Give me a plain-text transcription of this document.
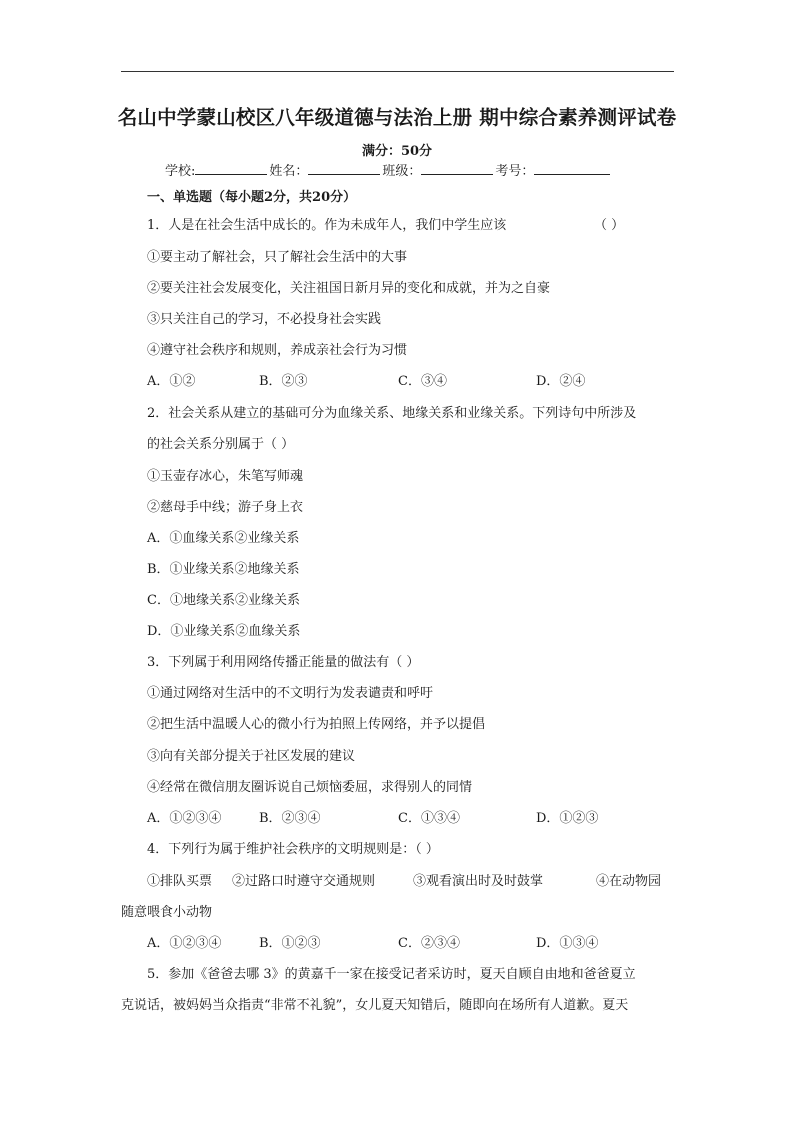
名山中学蒙山校区八年级道德与法治上册 期中综合素养测评试卷
满分：50分
学校:	姓名：	班级：	考号：
一、单选题（每小题2分，共20分）
1．人是在社会生活中成长的。作为未成年人，我们中学生应该	（ ）
①要主动了解社会，只了解社会生活中的大事
②要关注社会发展变化，关注祖国日新月异的变化和成就，并为之自豪
③只关注自己的学习，不必投身社会实践
④遵守社会秩序和规则，养成亲社会行为习惯
A．①②	B．②③	C．③④	D．②④
2．社会关系从建立的基础可分为血缘关系、地缘关系和业缘关系。下列诗句中所涉及
的社会关系分别属于（ ）
①玉壶存冰心，朱笔写师魂
②慈母手中线；游子身上衣
A．①血缘关系②业缘关系
B．①业缘关系②地缘关系
C．①地缘关系②业缘关系
D．①业缘关系②血缘关系
3．下列属于利用网络传播正能量的做法有（ ）
①通过网络对生活中的不文明行为发表谴责和呼吁
②把生活中温暖人心的微小行为拍照上传网络，并予以提倡
③向有关部分提关于社区发展的建议
④经常在微信朋友圈诉说自己烦恼委屈，求得别人的同情
A．①②③④	B．②③④	C．①③④	D．①②③
4．下列行为属于维护社会秩序的文明规则是：（ ）
①排队买票 ②过路口时遵守交通规则	③观看演出时及时鼓掌	④在动物园
随意喂食小动物
A．①②③④	B．①②③	C．②③④	D．①③④
5．参加《爸爸去哪 3》的黄嘉千一家在接受记者采访时，夏天自顾自由地和爸爸夏立
克说话，被妈妈当众指责“非常不礼貌”，女儿夏天知错后，随即向在场所有人道歉。夏天
